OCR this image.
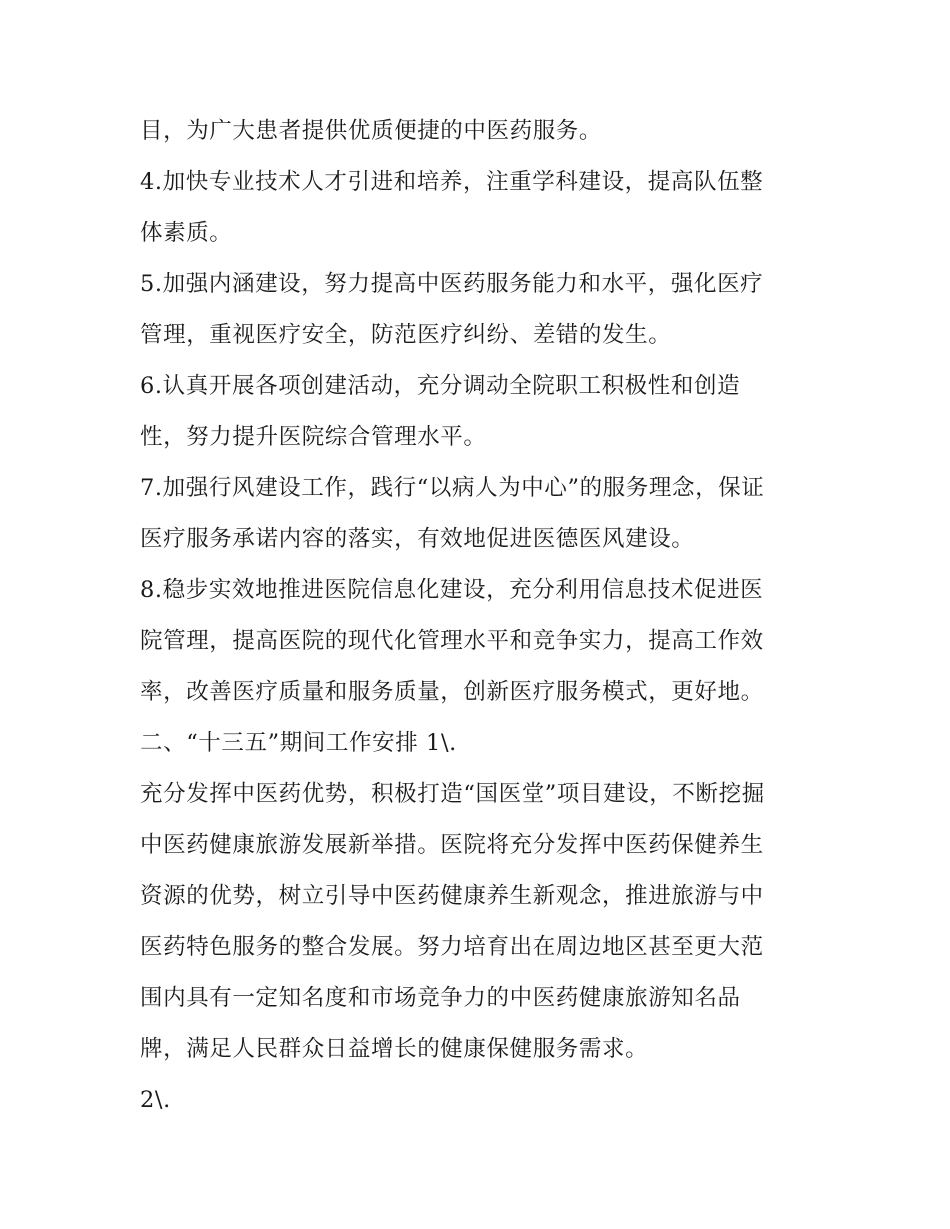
目，为广大患者提供优质便捷的中医药服务。
4.加快专业技术人才引进和培养，注重学科建设，提高队伍整
体素质。
5.加强内涵建设，努力提高中医药服务能力和水平，强化医疗
管理，重视医疗安全，防范医疗纠纷、差错的发生。
6.认真开展各项创建活动，充分调动全院职工积极性和创造
性，努力提升医院综合管理水平。
7.加强行风建设工作，践行“以病人为中心”的服务理念，保证
医疗服务承诺内容的落实，有效地促进医德医风建设。
8.稳步实效地推进医院信息化建设，充分利用信息技术促进医
院管理，提高医院的现代化管理水平和竞争实力，提高工作效
率，改善医疗质量和服务质量，创新医疗服务模式，更好地。
二、“十三五”期间工作安排 1\.
充分发挥中医药优势，积极打造“国医堂”项目建设，不断挖掘
中医药健康旅游发展新举措。医院将充分发挥中医药保健养生
资源的优势，树立引导中医药健康养生新观念，推进旅游与中
医药特色服务的整合发展。努力培育出在周边地区甚至更大范
围内具有一定知名度和市场竞争力的中医药健康旅游知名品
牌，满足人民群众日益增长的健康保健服务需求。
2\.
